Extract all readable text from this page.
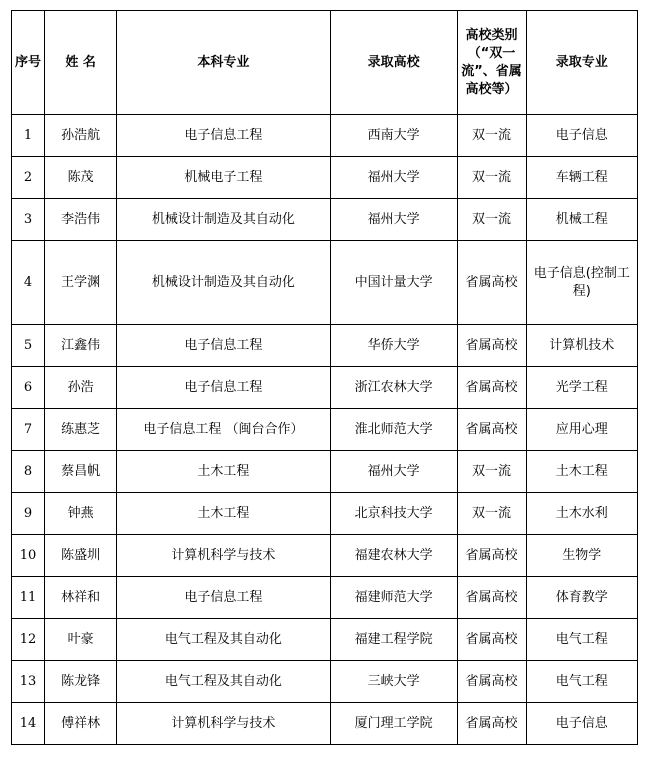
序号	姓 名	本科专业	录取高校	高校类别（“双一流”、省属高校等）	录取专业
1	孙浩航	电子信息工程	西南大学	双一流	电子信息
2	陈茂	机械电子工程	福州大学	双一流	车辆工程
3	李浩伟	机械设计制造及其自动化	福州大学	双一流	机械工程
4	王学渊	机械设计制造及其自动化	中国计量大学	省属高校	电子信息(控制工程)
5	江鑫伟	电子信息工程	华侨大学	省属高校	计算机技术
6	孙浩	电子信息工程	浙江农林大学	省属高校	光学工程
7	练惠芝	电子信息工程 （闽台合作）	淮北师范大学	省属高校	应用心理
8	蔡昌帆	土木工程	福州大学	双一流	土木工程
9	钟燕	土木工程	北京科技大学	双一流	土木水利
10	陈盛圳	计算机科学与技术	福建农林大学	省属高校	生物学
11	林祥和	电子信息工程	福建师范大学	省属高校	体育教学
12	叶豪	电气工程及其自动化	福建工程学院	省属高校	电气工程
13	陈龙锋	电气工程及其自动化	三峡大学	省属高校	电气工程
14	傅祥林	计算机科学与技术	厦门理工学院	省属高校	电子信息
